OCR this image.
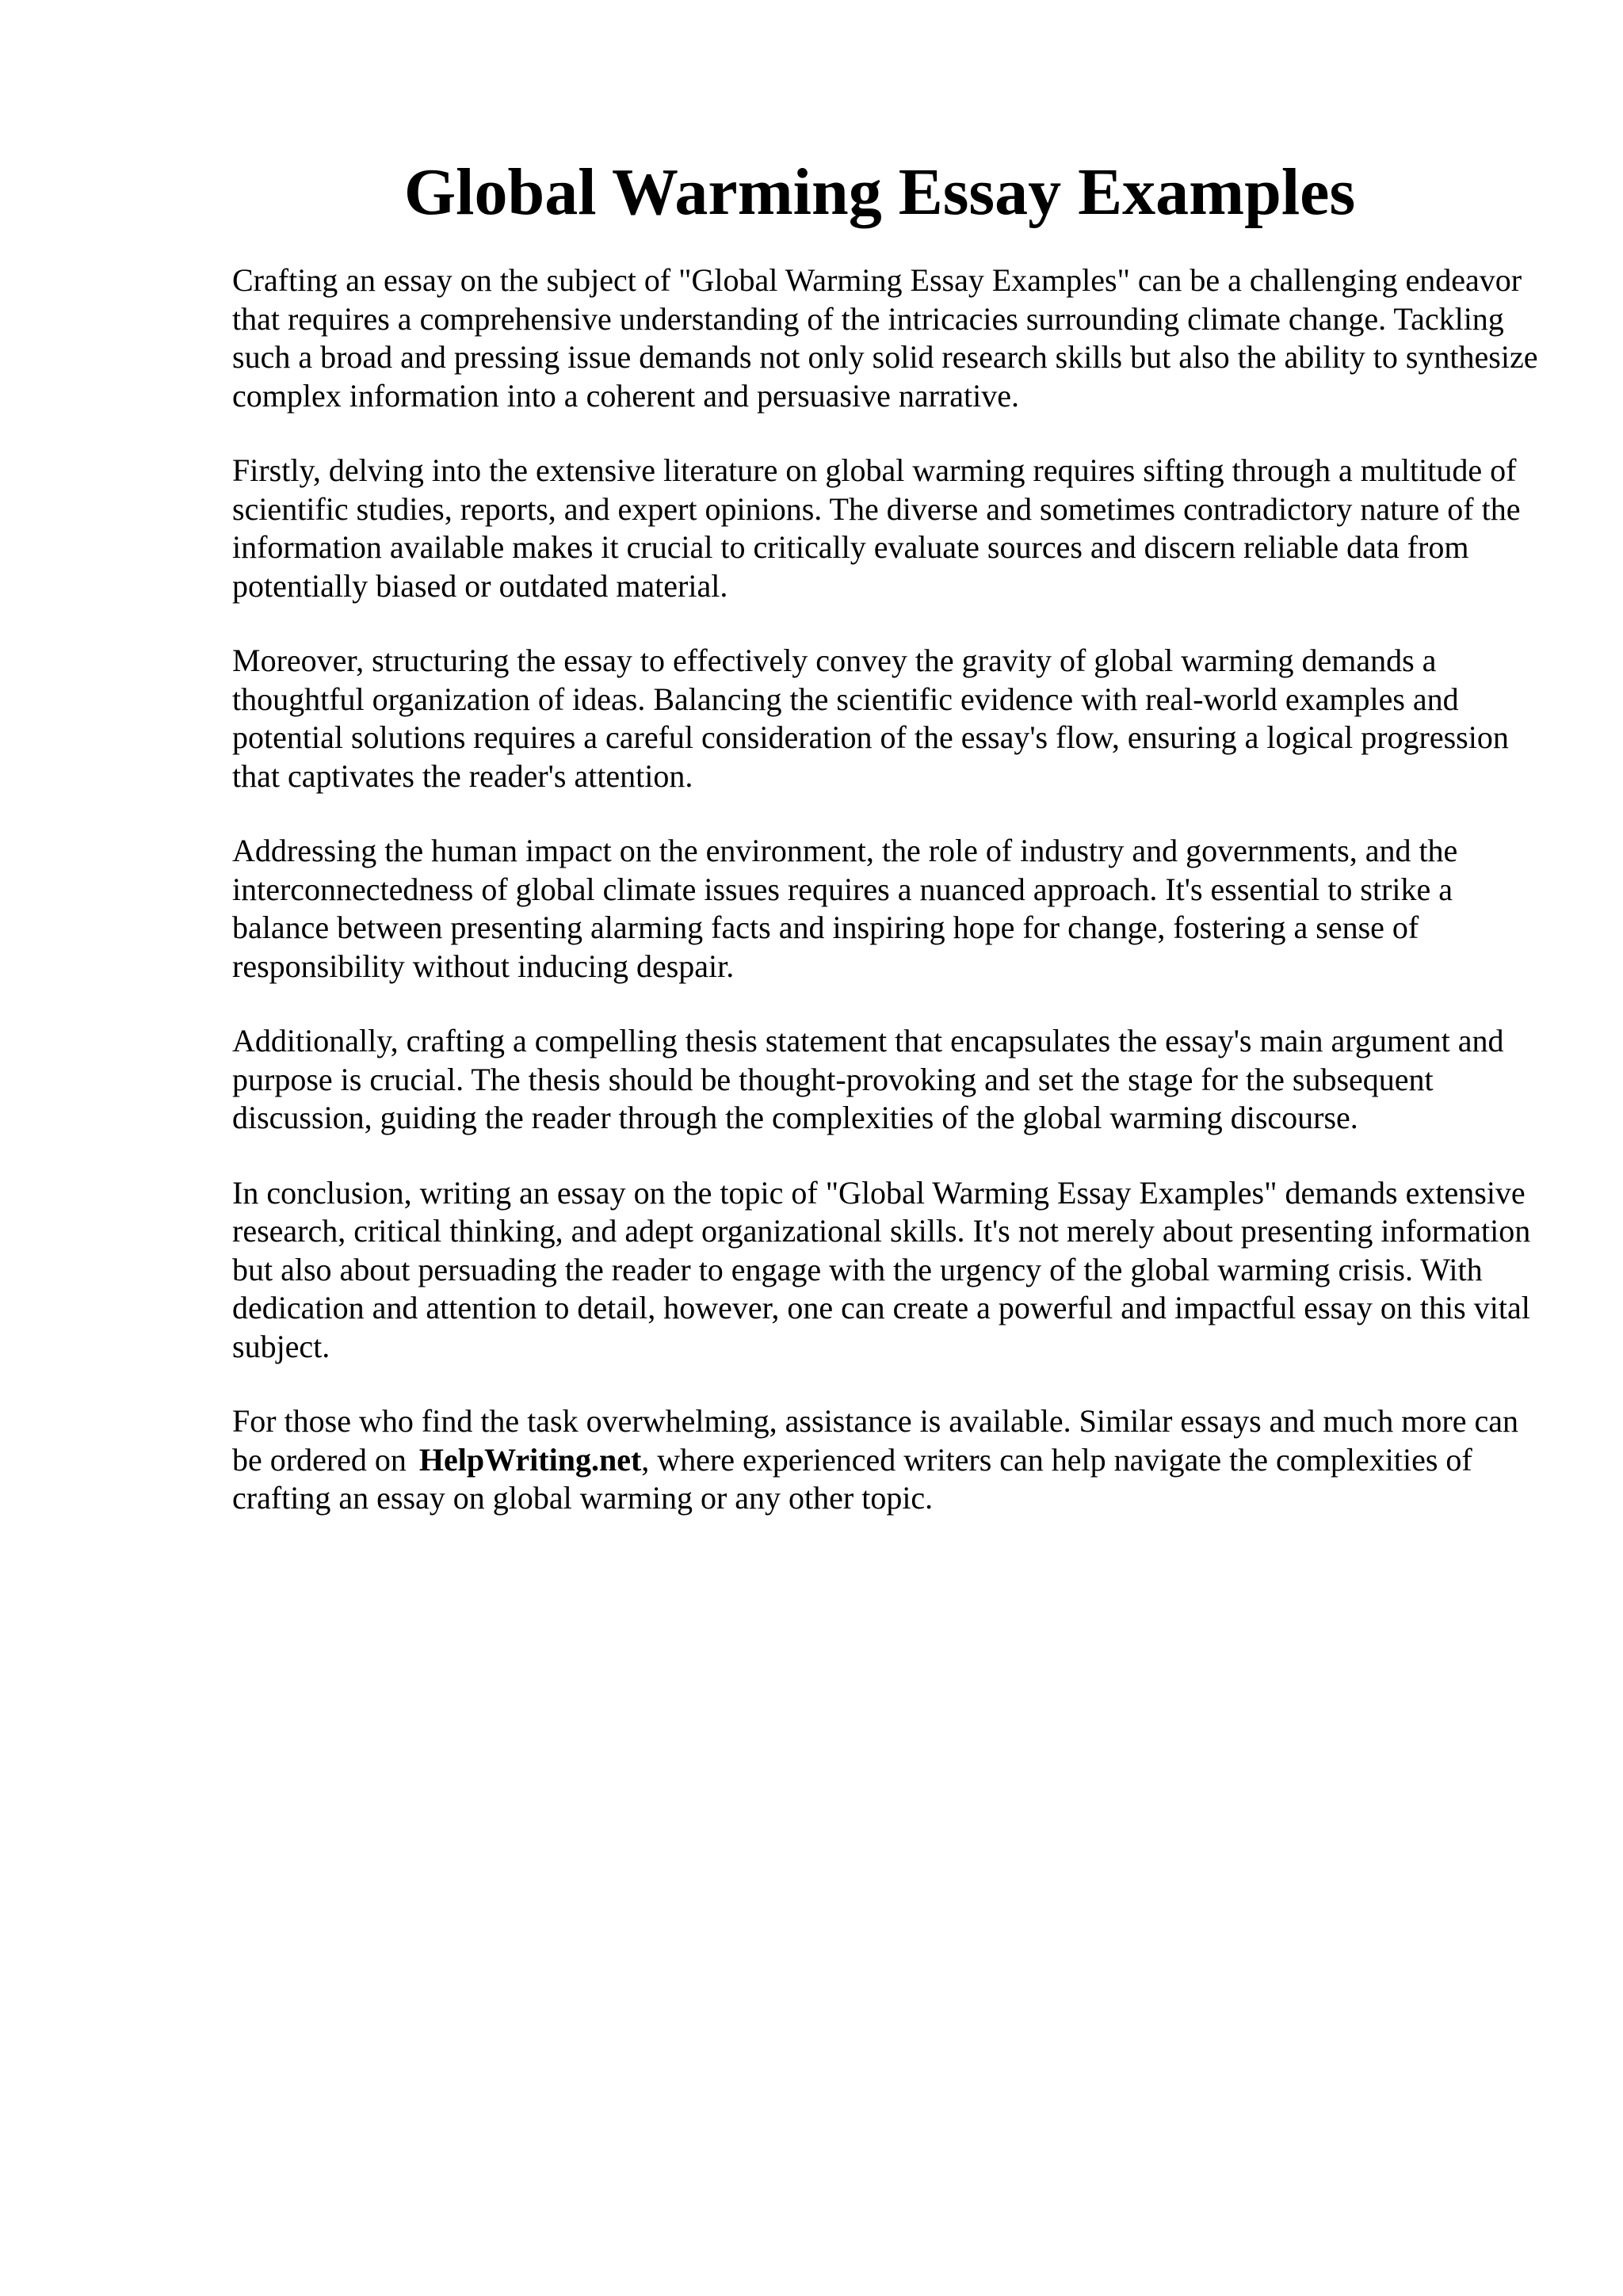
Global Warming Essay Examples

Crafting an essay on the subject of "Global Warming Essay Examples" can be a challenging endeavor that requires a comprehensive understanding of the intricacies surrounding climate change. Tackling such a broad and pressing issue demands not only solid research skills but also the ability to synthesize complex information into a coherent and persuasive narrative.

Firstly, delving into the extensive literature on global warming requires sifting through a multitude of scientific studies, reports, and expert opinions. The diverse and sometimes contradictory nature of the information available makes it crucial to critically evaluate sources and discern reliable data from potentially biased or outdated material.

Moreover, structuring the essay to effectively convey the gravity of global warming demands a thoughtful organization of ideas. Balancing the scientific evidence with real-world examples and potential solutions requires a careful consideration of the essay's flow, ensuring a logical progression that captivates the reader's attention.

Addressing the human impact on the environment, the role of industry and governments, and the interconnectedness of global climate issues requires a nuanced approach. It's essential to strike a balance between presenting alarming facts and inspiring hope for change, fostering a sense of responsibility without inducing despair.

Additionally, crafting a compelling thesis statement that encapsulates the essay's main argument and purpose is crucial. The thesis should be thought-provoking and set the stage for the subsequent discussion, guiding the reader through the complexities of the global warming discourse.

In conclusion, writing an essay on the topic of "Global Warming Essay Examples" demands extensive research, critical thinking, and adept organizational skills. It's not merely about presenting information but also about persuading the reader to engage with the urgency of the global warming crisis. With dedication and attention to detail, however, one can create a powerful and impactful essay on this vital subject.

For those who find the task overwhelming, assistance is available. Similar essays and much more can be ordered on HelpWriting.net, where experienced writers can help navigate the complexities of crafting an essay on global warming or any other topic.
